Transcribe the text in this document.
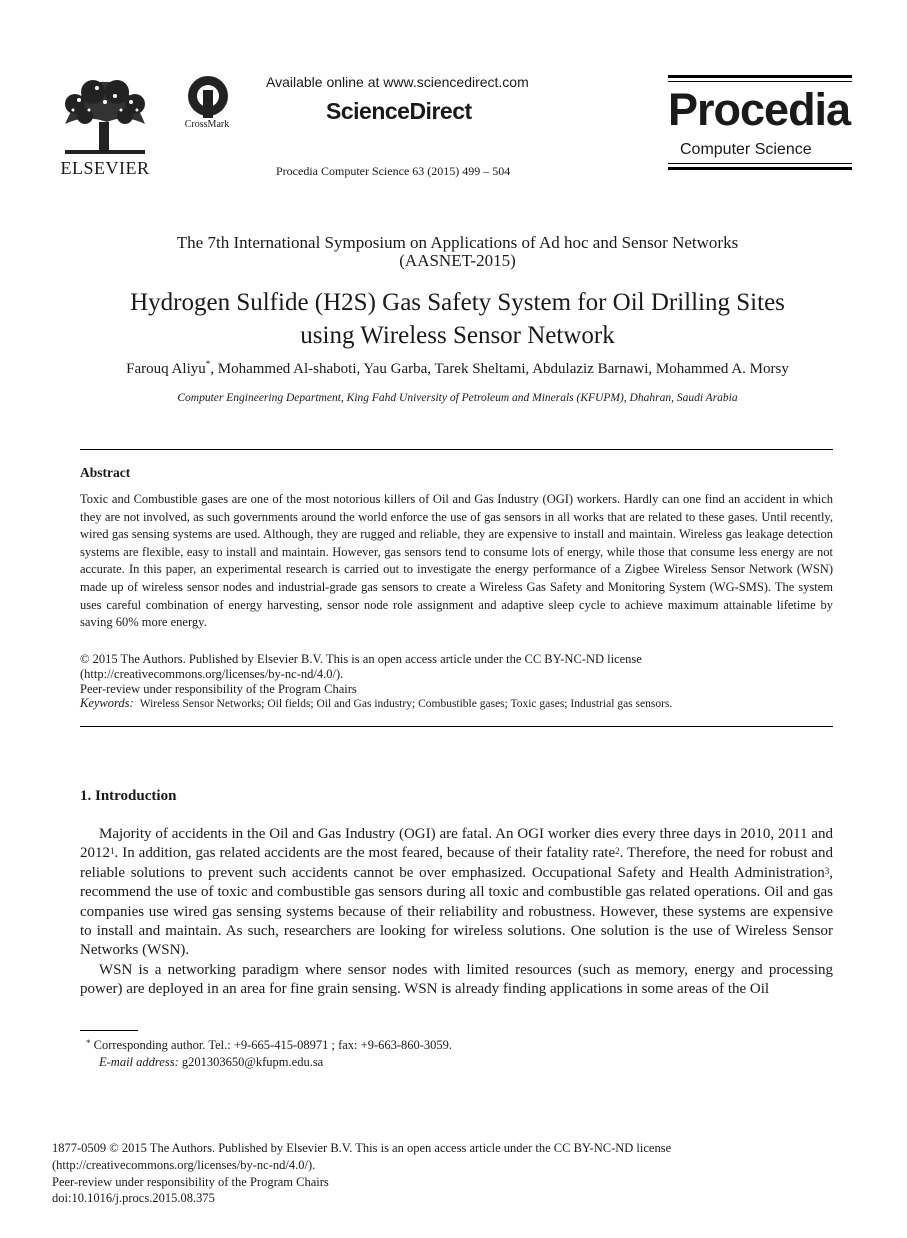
ELSEVIER
CrossMark
Available online at www.sciencedirect.com
ScienceDirect
Procedia Computer Science 63 (2015) 499 – 504
Procedia
Computer Science
The 7th International Symposium on Applications of Ad hoc and Sensor Networks
(AASNET-2015)
Hydrogen Sulfide (H2S) Gas Safety System for Oil Drilling Sites
using Wireless Sensor Network
Farouq Aliyu*, Mohammed Al-shaboti, Yau Garba, Tarek Sheltami, Abdulaziz Barnawi, Mohammed A. Morsy
Computer Engineering Department, King Fahd University of Petroleum and Minerals (KFUPM), Dhahran, Saudi Arabia
Abstract
Toxic and Combustible gases are one of the most notorious killers of Oil and Gas Industry (OGI) workers. Hardly can one find an accident in which they are not involved, as such governments around the world enforce the use of gas sensors in all works that are related to these gases. Until recently, wired gas sensing systems are used. Although, they are rugged and reliable, they are expensive to install and maintain. Wireless gas leakage detection systems are flexible, easy to install and maintain. However, gas sensors tend to consume lots of energy, while those that consume less energy are not accurate. In this paper, an experimental research is carried out to investigate the energy performance of a Zigbee Wireless Sensor Network (WSN) made up of wireless sensor nodes and industrial-grade gas sensors to create a Wireless Gas Safety and Monitoring System (WG-SMS). The system uses careful combination of energy harvesting, sensor node role assignment and adaptive sleep cycle to achieve maximum attainable lifetime by saving 60% more energy.
© 2015 The Authors. Published by Elsevier B.V. This is an open access article under the CC BY-NC-ND license
(http://creativecommons.org/licenses/by-nc-nd/4.0/).
Peer-review under responsibility of the Program Chairs
Keywords: Wireless Sensor Networks; Oil fields; Oil and Gas industry; Combustible gases; Toxic gases; Industrial gas sensors.
1. Introduction

Majority of accidents in the Oil and Gas Industry (OGI) are fatal. An OGI worker dies every three days in 2010, 2011 and 2012$^1$. In addition, gas related accidents are the most feared, because of their fatality rate$^2$. Therefore, the need for robust and reliable solutions to prevent such accidents cannot be over emphasized. Occupational Safety and Health Administration$^3$, recommend the use of toxic and combustible gas sensors during all toxic and combustible gas related operations. Oil and gas companies use wired gas sensing systems because of their reliability and robustness. However, these systems are expensive to install and maintain. As such, researchers are looking for wireless solutions. One solution is the use of Wireless Sensor Networks (WSN).

WSN is a networking paradigm where sensor nodes with limited resources (such as memory, energy and processing power) are deployed in an area for fine grain sensing. WSN is already finding applications in some areas of the Oil

* Corresponding author. Tel.: +9-665-415-08971 ; fax: +9-663-860-3059.
E-mail address: g201303650@kfupm.edu.sa
1877-0509 © 2015 The Authors. Published by Elsevier B.V. This is an open access article under the CC BY-NC-ND license
(http://creativecommons.org/licenses/by-nc-nd/4.0/).
Peer-review under responsibility of the Program Chairs
doi:10.1016/j.procs.2015.08.375
